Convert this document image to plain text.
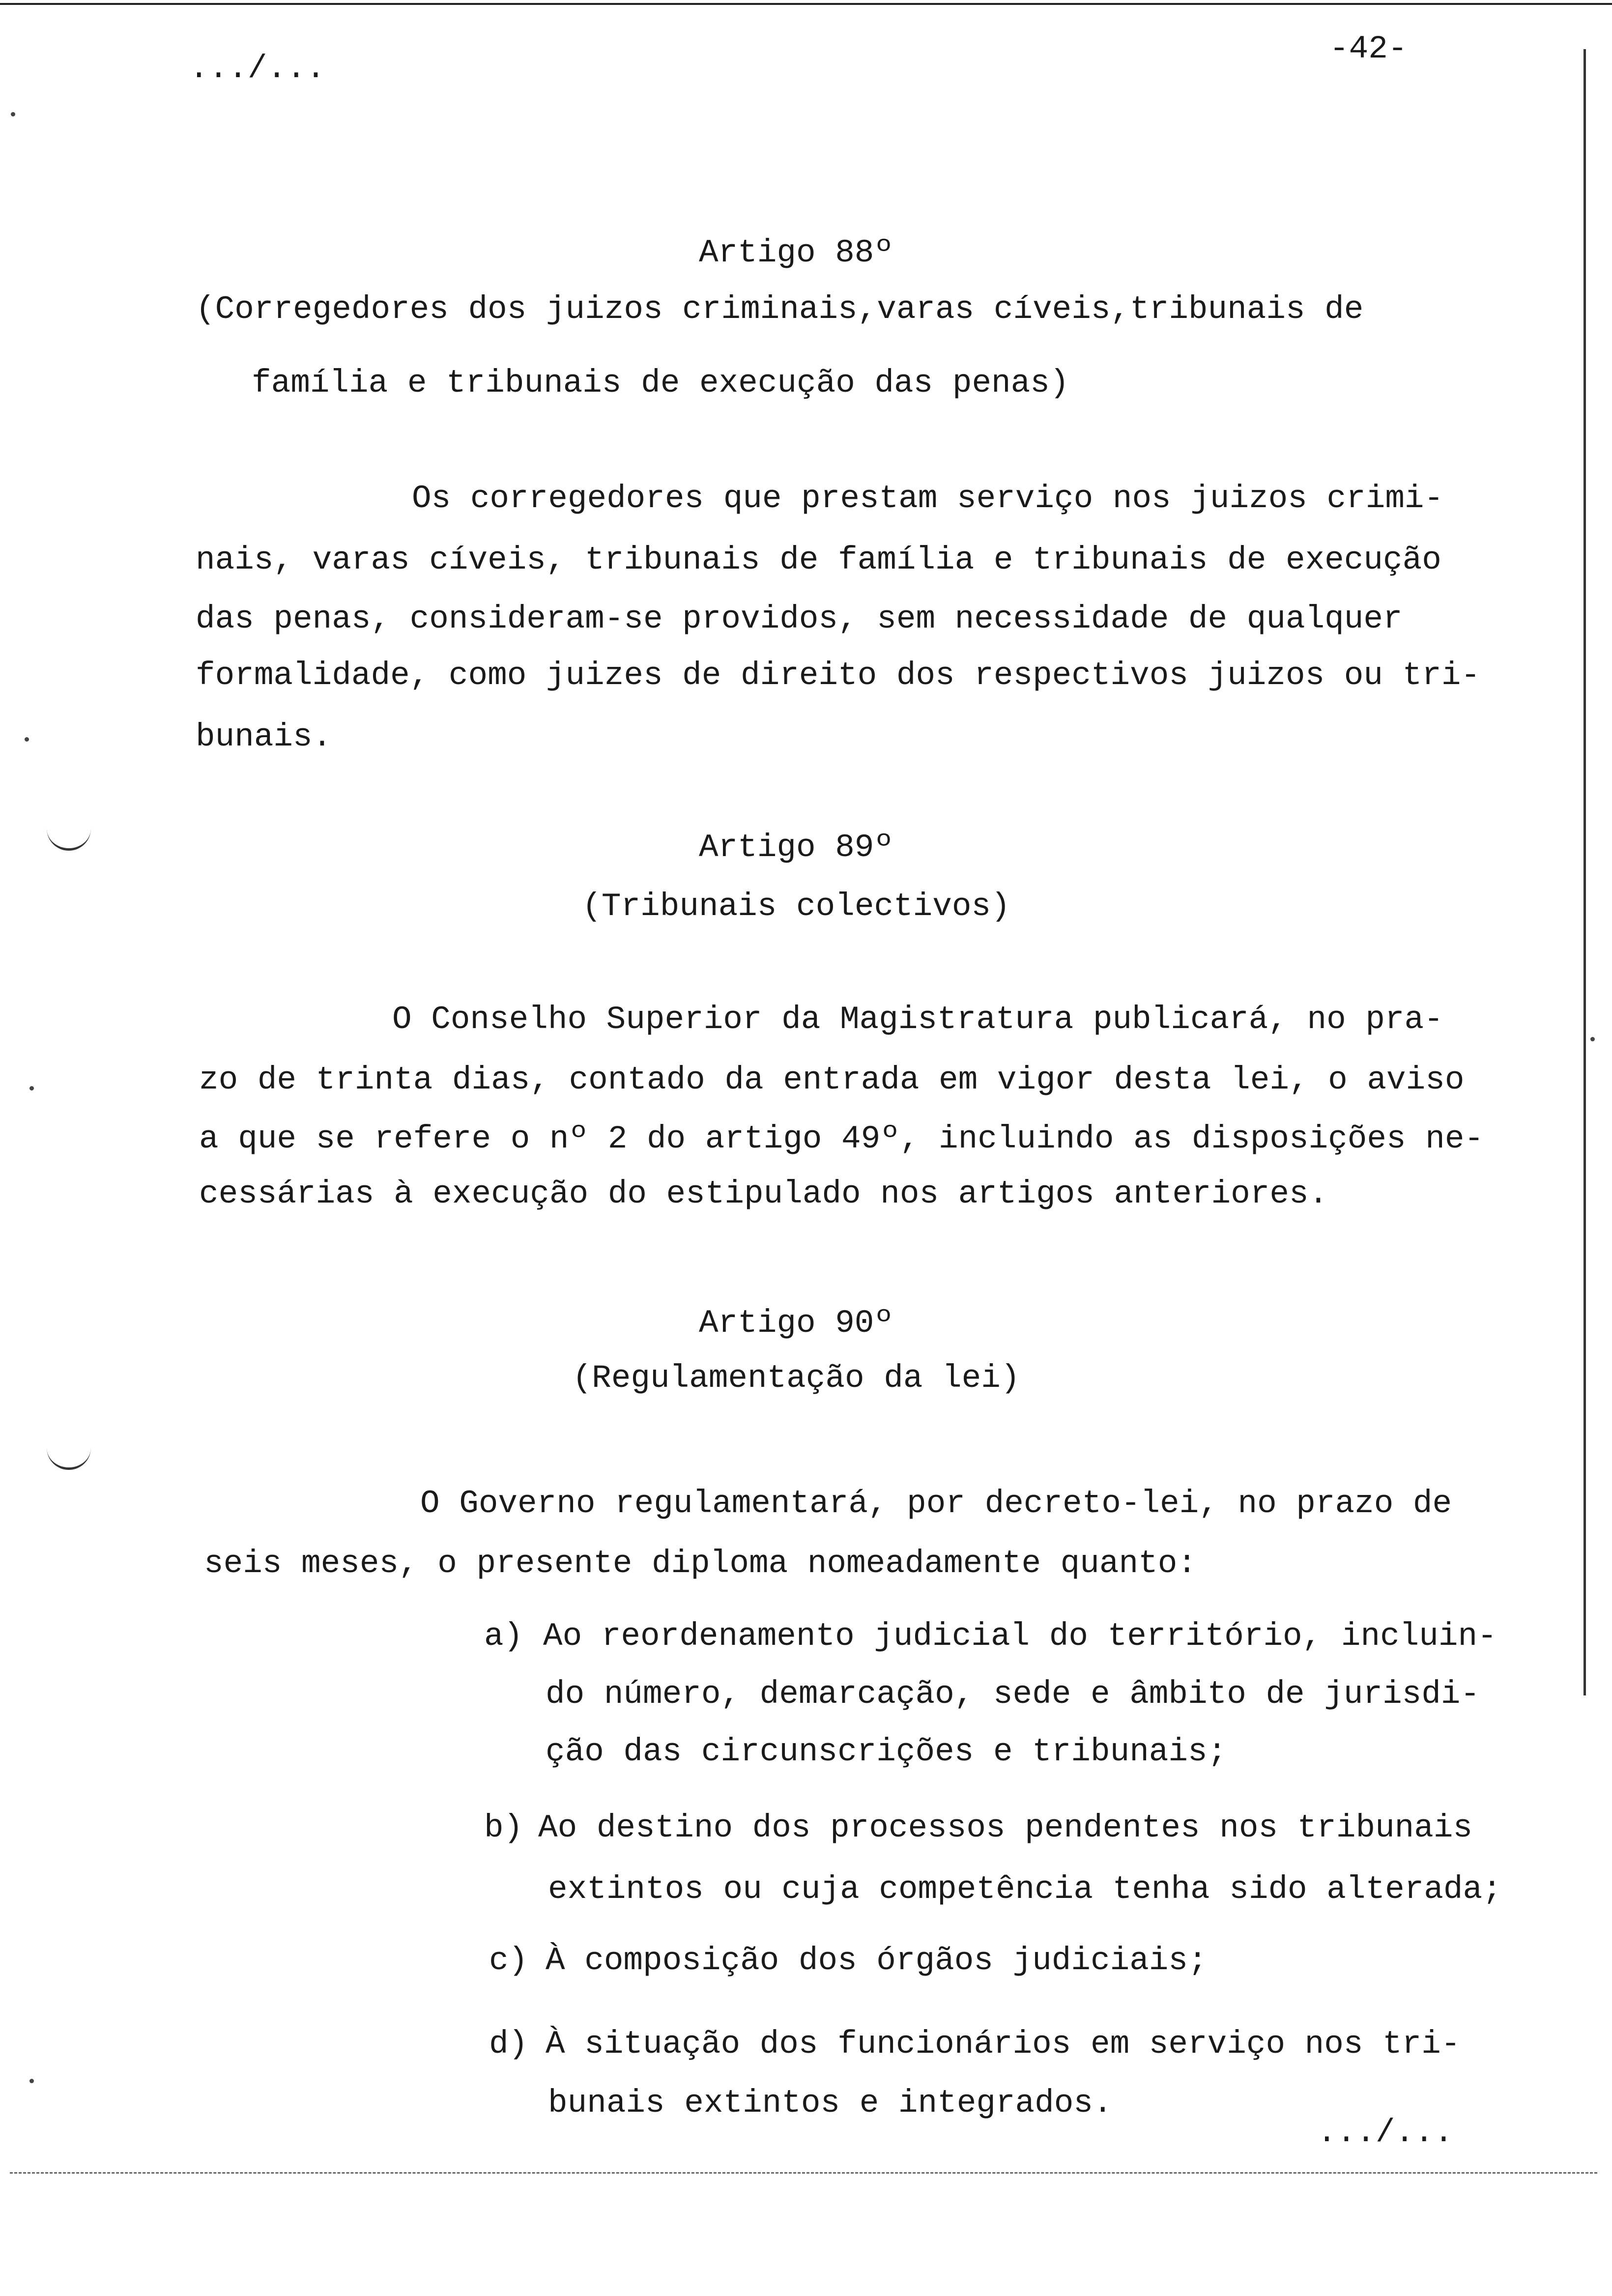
.../...
-42-
Artigo 88º
(Corregedores dos juizos criminais,varas cíveis,tribunais de
família e tribunais de execução das penas)
Os corregedores que prestam serviço nos juizos crimi-
nais, varas cíveis, tribunais de família e tribunais de execução
das penas, consideram-se providos, sem necessidade de qualquer
formalidade, como juizes de direito dos respectivos juizos ou tri-
bunais.
Artigo 89º
(Tribunais colectivos)
O Conselho Superior da Magistratura publicará, no pra-
zo de trinta dias, contado da entrada em vigor desta lei, o aviso
a que se refere o nº 2 do artigo 49º, incluindo as disposições ne-
cessárias à execução do estipulado nos artigos anteriores.
Artigo 90º
(Regulamentação da lei)
O Governo regulamentará, por decreto-lei, no prazo de
seis meses, o presente diploma nomeadamente quanto:
a) Ao reordenamento judicial do território, incluin-
do número, demarcação, sede e âmbito de jurisdi-
ção das circunscrições e tribunais;
b) Ao destino dos processos pendentes nos tribunais
extintos ou cuja competência tenha sido alterada;
c) À composição dos órgãos judiciais;
d) À situação dos funcionários em serviço nos tri-
bunais extintos e integrados.
.../...
